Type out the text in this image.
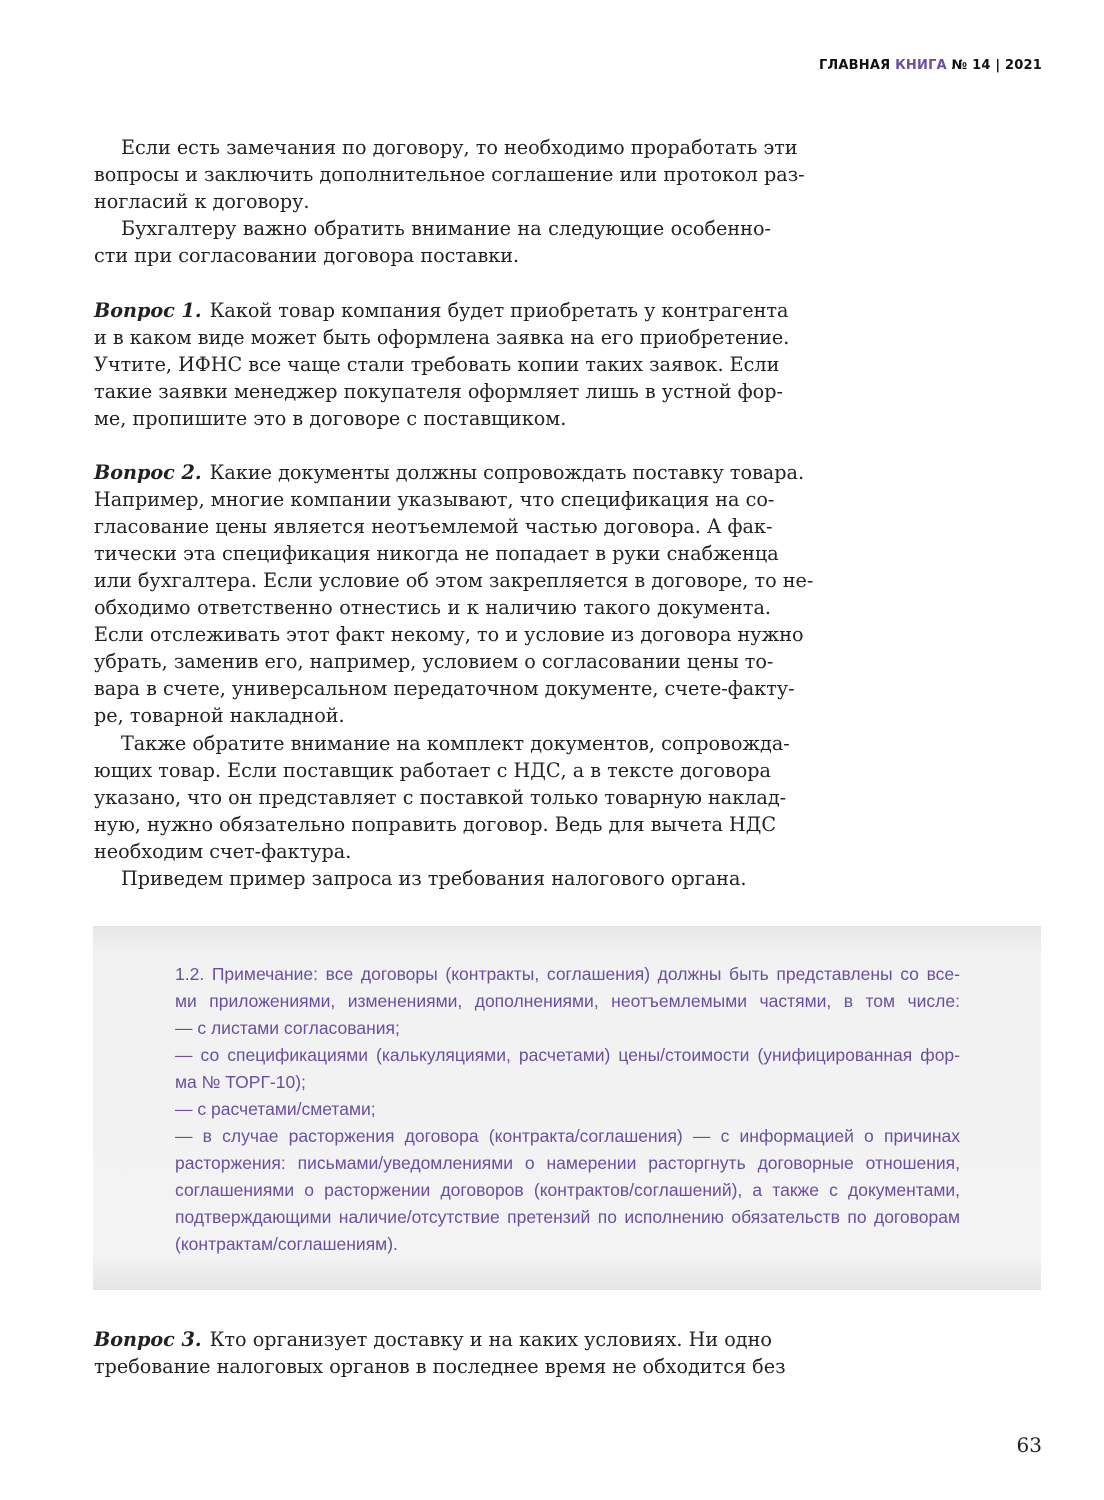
ГЛАВНАЯ КНИГА № 14 | 2021
Если есть замечания по договору, то необходимо проработать эти
вопросы и заключить дополнительное соглашение или протокол раз-
ногласий к договору.
Бухгалтеру важно обратить внимание на следующие особенно-
сти при согласовании договора поставки.
Вопрос 1. Какой товар компания будет приобретать у контрагента
и в каком виде может быть оформлена заявка на его приобретение.
Учтите, ИФНС все чаще стали требовать копии таких заявок. Если
такие заявки менеджер покупателя оформляет лишь в устной фор-
ме, пропишите это в договоре с поставщиком.
Вопрос 2. Какие документы должны сопровождать поставку товара.
Например, многие компании указывают, что спецификация на со-
гласование цены является неотъемлемой частью договора. А фак-
тически эта спецификация никогда не попадает в руки снабженца
или бухгалтера. Если условие об этом закрепляется в договоре, то не-
обходимо ответственно отнестись и к наличию такого документа.
Если отслеживать этот факт некому, то и условие из договора нужно
убрать, заменив его, например, условием о согласовании цены то-
вара в счете, универсальном передаточном документе, счете-факту-
ре, товарной накладной.
Также обратите внимание на комплект документов, сопровожда-
ющих товар. Если поставщик работает с НДС, а в тексте договора
указано, что он представляет с поставкой только товарную наклад-
ную, нужно обязательно поправить договор. Ведь для вычета НДС
необходим счет-фактура.
Приведем пример запроса из требования налогового органа.
Вопрос 3. Кто организует доставку и на каких условиях. Ни одно
требование налоговых органов в последнее время не обходится без
1.2. Примечание: все договоры (контракты, соглашения) должны быть представлены со все-
ми приложениями, изменениями, дополнениями, неотъемлемыми частями, в том числе:
— с листами согласования;
— со спецификациями (калькуляциями, расчетами) цены/стоимости (унифицированная фор-
ма № ТОРГ-10);
— с расчетами/сметами;
— в случае расторжения договора (контракта/соглашения) — с информацией о причинах
расторжения: письмами/уведомлениями о намерении расторгнуть договорные отношения,
соглашениями о расторжении договоров (контрактов/соглашений), а также с документами,
подтверждающими наличие/отсутствие претензий по исполнению обязательств по договорам
(контрактам/соглашениям).
63
